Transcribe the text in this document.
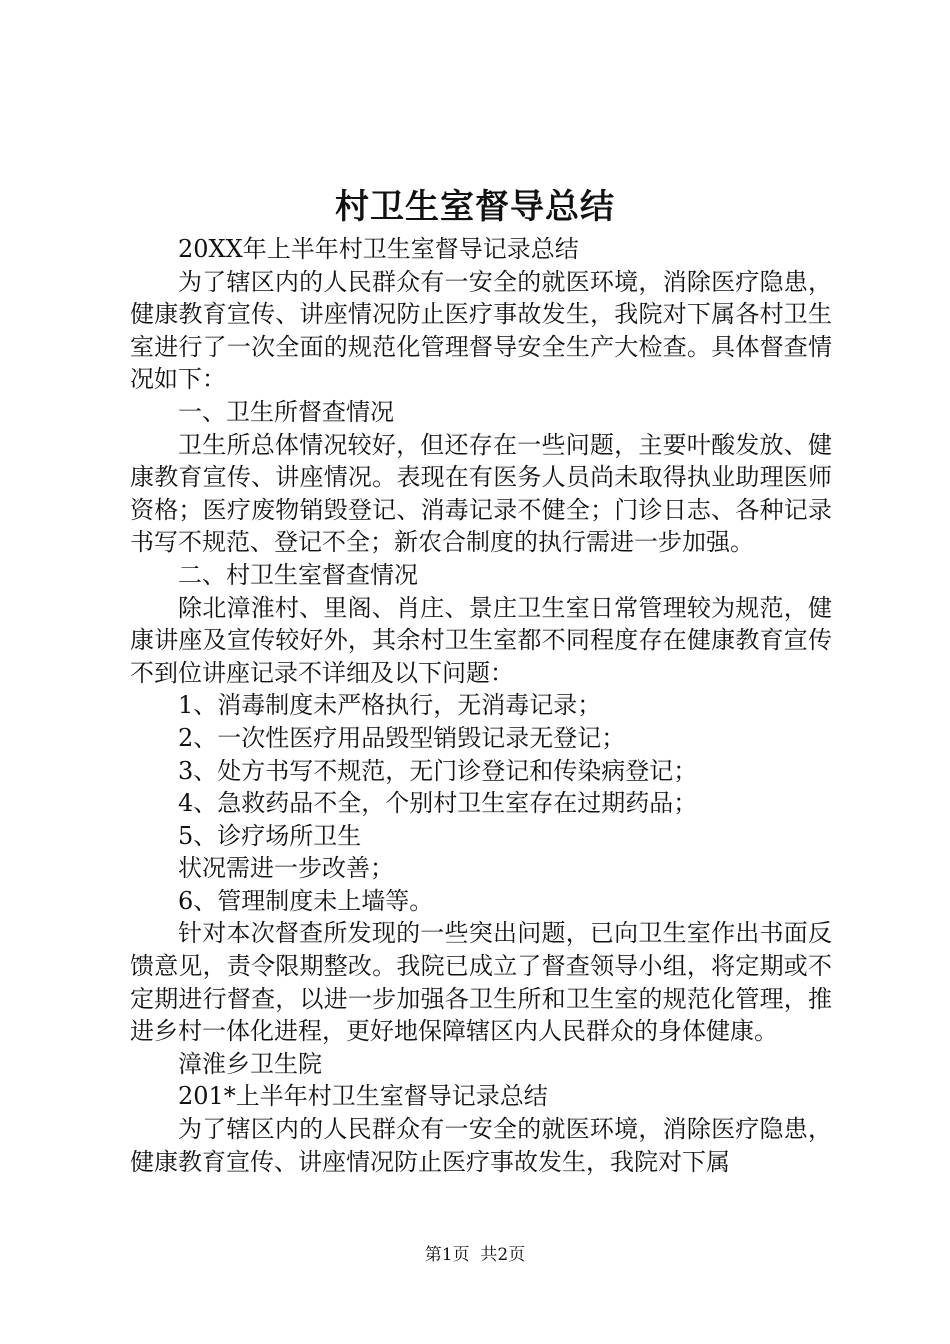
村卫生室督导总结

20XX年上半年村卫生室督导记录总结

为了辖区内的人民群众有一安全的就医环境，消除医疗隐患，健康教育宣传、讲座情况防止医疗事故发生，我院对下属各村卫生室进行了一次全面的规范化管理督导安全生产大检查。具体督查情况如下：

一、卫生所督查情况

卫生所总体情况较好，但还存在一些问题，主要叶酸发放、健康教育宣传、讲座情况。表现在有医务人员尚未取得执业助理医师资格；医疗废物销毁登记、消毒记录不健全；门诊日志、各种记录书写不规范、登记不全；新农合制度的执行需进一步加强。

二、村卫生室督查情况

除北漳淮村、里阁、肖庄、景庄卫生室日常管理较为规范，健康讲座及宣传较好外，其余村卫生室都不同程度存在健康教育宣传不到位讲座记录不详细及以下问题：

1、消毒制度未严格执行，无消毒记录；

2、一次性医疗用品毁型销毁记录无登记；

3、处方书写不规范，无门诊登记和传染病登记；

4、急救药品不全，个别村卫生室存在过期药品；

5、诊疗场所卫生

状况需进一步改善；

6、管理制度未上墙等。

针对本次督查所发现的一些突出问题，已向卫生室作出书面反馈意见，责令限期整改。我院已成立了督查领导小组，将定期或不定期进行督查，以进一步加强各卫生所和卫生室的规范化管理，推进乡村一体化进程，更好地保障辖区内人民群众的身体健康。

漳淮乡卫生院

201*上半年村卫生室督导记录总结

为了辖区内的人民群众有一安全的就医环境，消除医疗隐患，健康教育宣传、讲座情况防止医疗事故发生，我院对下属

第1页  共2页
